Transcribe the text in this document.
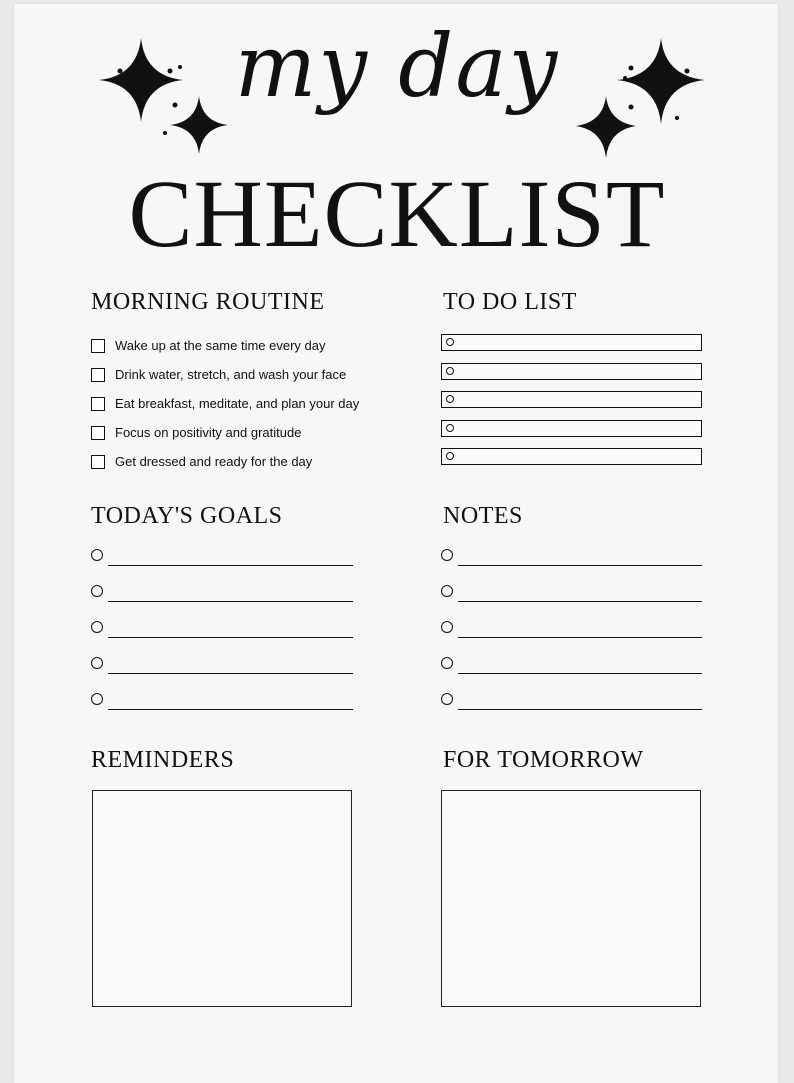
my day
CHECKLIST
MORNING ROUTINE
Wake up at the same time every day
Drink water, stretch, and wash your face
Eat breakfast, meditate, and plan your day
Focus on positivity and gratitude
Get dressed and ready for the day
TO DO LIST
TODAY'S GOALS	NOTES
REMINDERS	FOR TOMORROW
